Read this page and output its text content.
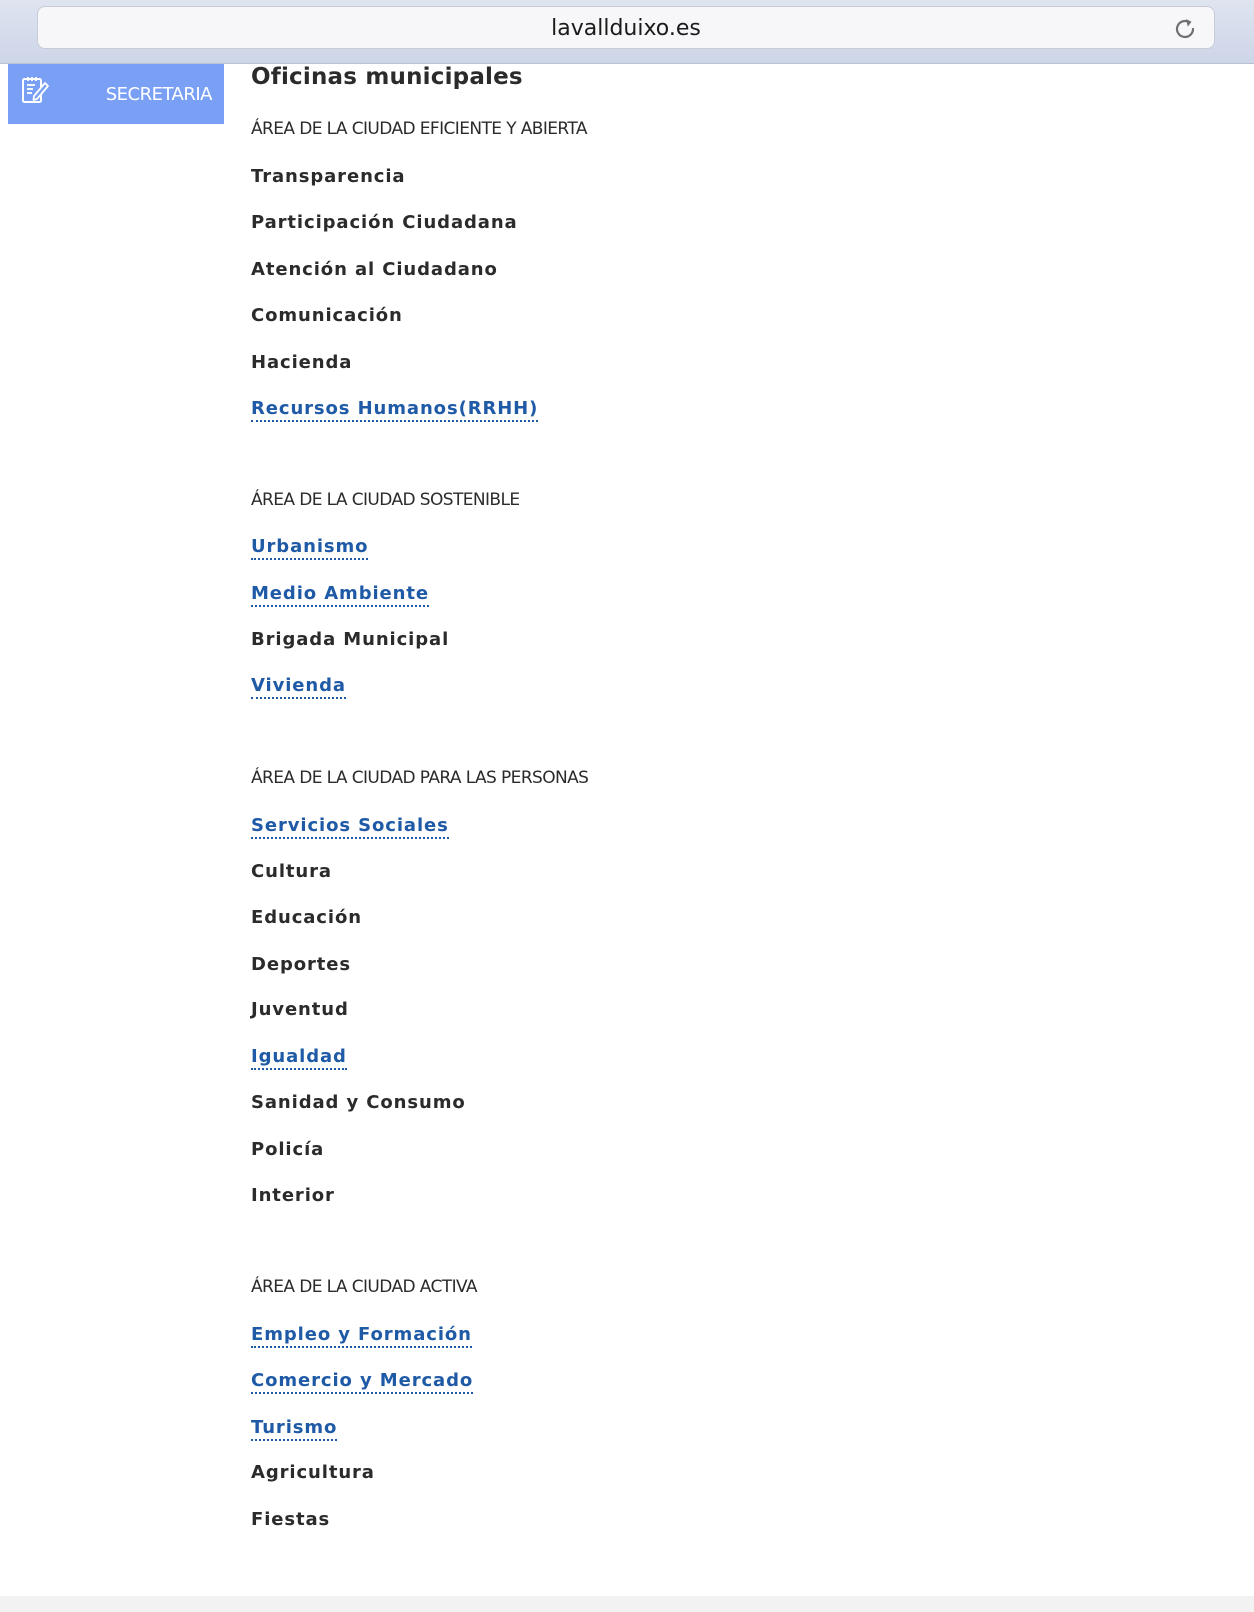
lavallduixo.es
SECRETARIA
Oficinas municipales
ÁREA DE LA CIUDAD EFICIENTE Y ABIERTA
Transparencia
Participación Ciudadana
Atención al Ciudadano
Comunicación
Hacienda
Recursos Humanos(RRHH)
ÁREA DE LA CIUDAD SOSTENIBLE
Urbanismo
Medio Ambiente
Brigada Municipal
Vivienda
ÁREA DE LA CIUDAD PARA LAS PERSONAS
Servicios Sociales
Cultura
Educación
Deportes
Juventud
Igualdad
Sanidad y Consumo
Policía
Interior
ÁREA DE LA CIUDAD ACTIVA
Empleo y Formación
Comercio y Mercado
Turismo
Agricultura
Fiestas
